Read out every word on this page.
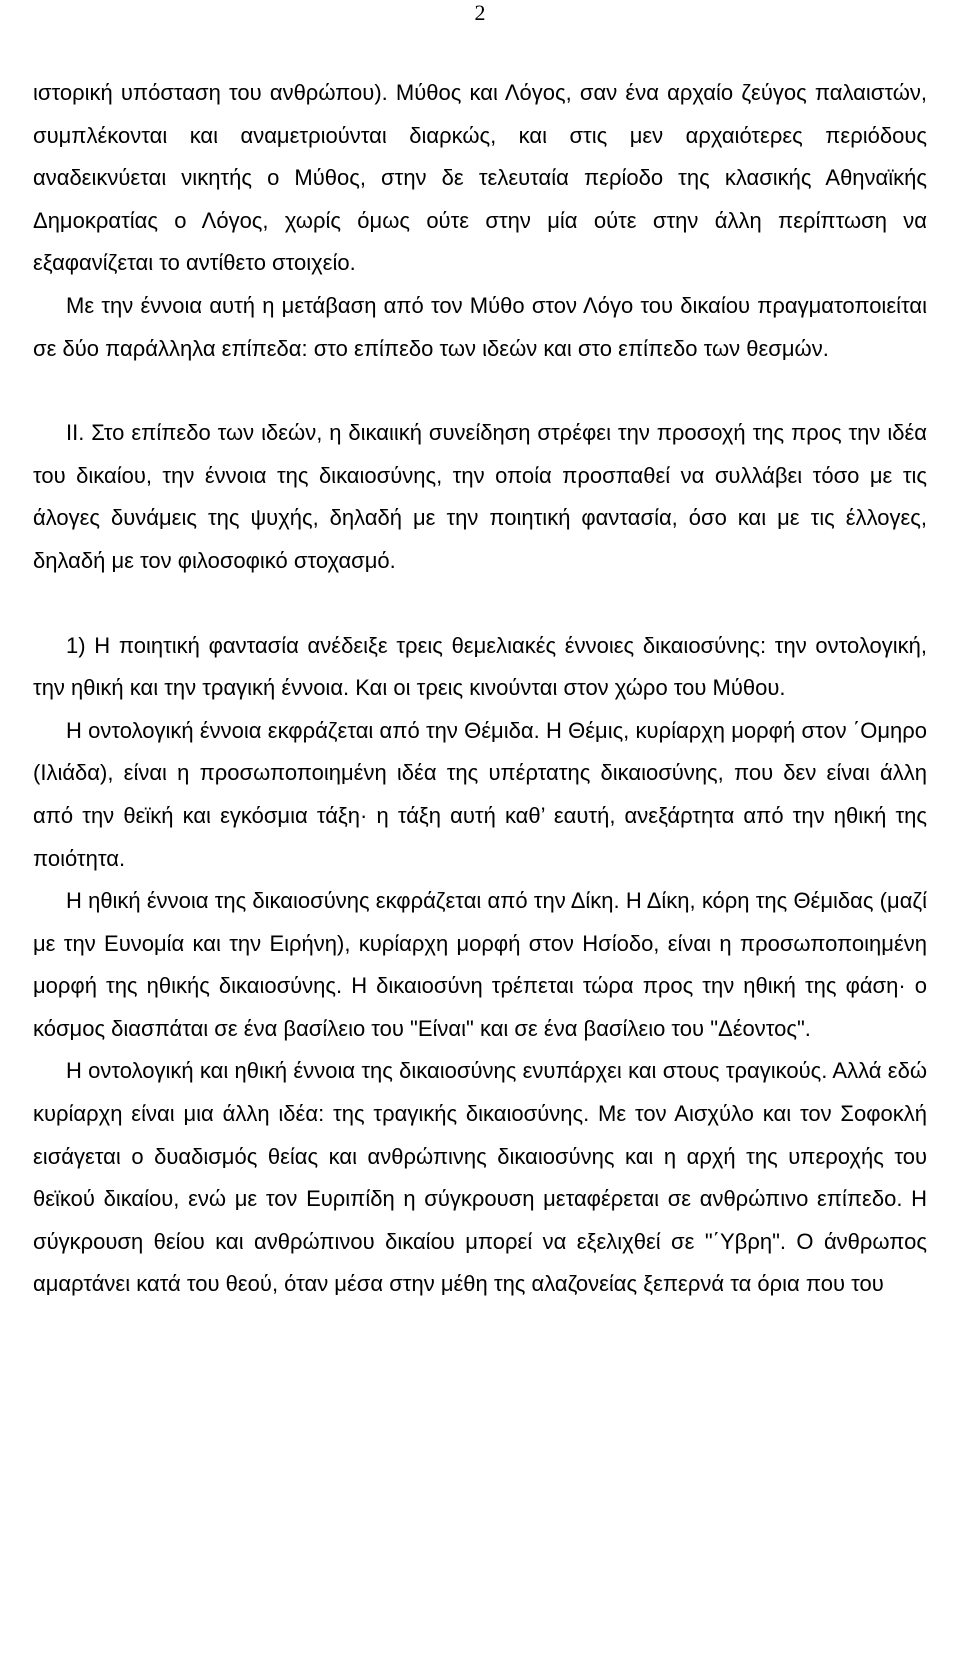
2

ιστορική υπόσταση του ανθρώπου). Μύθος και Λόγος, σαν ένα αρχαίο ζεύγος παλαιστών, συμπλέκονται και αναμετριούνται διαρκώς, και στις μεν αρχαιότερες περιόδους αναδεικνύεται νικητής ο Μύθος, στην δε τελευταία περίοδο της κλασικής Αθηναϊκής Δημοκρατίας ο Λόγος, χωρίς όμως ούτε στην μία ούτε στην άλλη περίπτωση να εξαφανίζεται το αντίθετο στοιχείο.

Με την έννοια αυτή η μετάβαση από τον Μύθο στον Λόγο του δικαίου πραγματοποιείται σε δύο παράλληλα επίπεδα: στο επίπεδο των ιδεών και στο επίπεδο των θεσμών.

ΙΙ. Στο επίπεδο των ιδεών, η δικαιική συνείδηση στρέφει την προσοχή της προς την ιδέα του δικαίου, την έννοια της δικαιοσύνης, την οποία προσπαθεί να συλλάβει τόσο με τις άλογες δυνάμεις της ψυχής, δηλαδή με την ποιητική φαντασία, όσο και με τις έλλογες, δηλαδή με τον φιλοσοφικό στοχασμό.

1) Η ποιητική φαντασία ανέδειξε τρεις θεμελιακές έννοιες δικαιοσύνης: την οντολογική, την ηθική και την τραγική έννοια. Και οι τρεις κινούνται στον χώρο του Μύθου.

Η οντολογική έννοια εκφράζεται από την Θέμιδα. Η Θέμις, κυρίαρχη μορφή στον ΄Ομηρο (Ιλιάδα), είναι η προσωποποιημένη ιδέα της υπέρτατης δικαιοσύνης, που δεν είναι άλλη από την θεϊκή και εγκόσμια τάξη· η τάξη αυτή καθ’ εαυτή, ανεξάρτητα από την ηθική της ποιότητα.

Η ηθική έννοια της δικαιοσύνης εκφράζεται από την Δίκη. Η Δίκη, κόρη της Θέμιδας (μαζί με την Ευνομία και την Ειρήνη), κυρίαρχη μορφή στον Ησίοδο, είναι η προσωποποιημένη μορφή της ηθικής δικαιοσύνης. Η δικαιοσύνη τρέπεται τώρα προς την ηθική της φάση· ο κόσμος διασπάται σε ένα βασίλειο του "Είναι" και σε ένα βασίλειο του "Δέοντος".

Η οντολογική και ηθική έννοια της δικαιοσύνης ενυπάρχει και στους τραγικούς. Αλλά εδώ κυρίαρχη είναι μια άλλη ιδέα: της τραγικής δικαιοσύνης. Με τον Αισχύλο και τον Σοφοκλή εισάγεται ο δυαδισμός θείας και ανθρώπινης δικαιοσύνης και η αρχή της υπεροχής του θεϊκού δικαίου, ενώ με τον Ευριπίδη η σύγκρουση μεταφέρεται σε ανθρώπινο επίπεδο. Η σύγκρουση θείου και ανθρώπινου δικαίου μπορεί να εξελιχθεί σε "΄Υβρη". Ο άνθρωπος αμαρτάνει κατά του θεού, όταν μέσα στην μέθη της αλαζονείας ξεπερνά τα όρια που του
